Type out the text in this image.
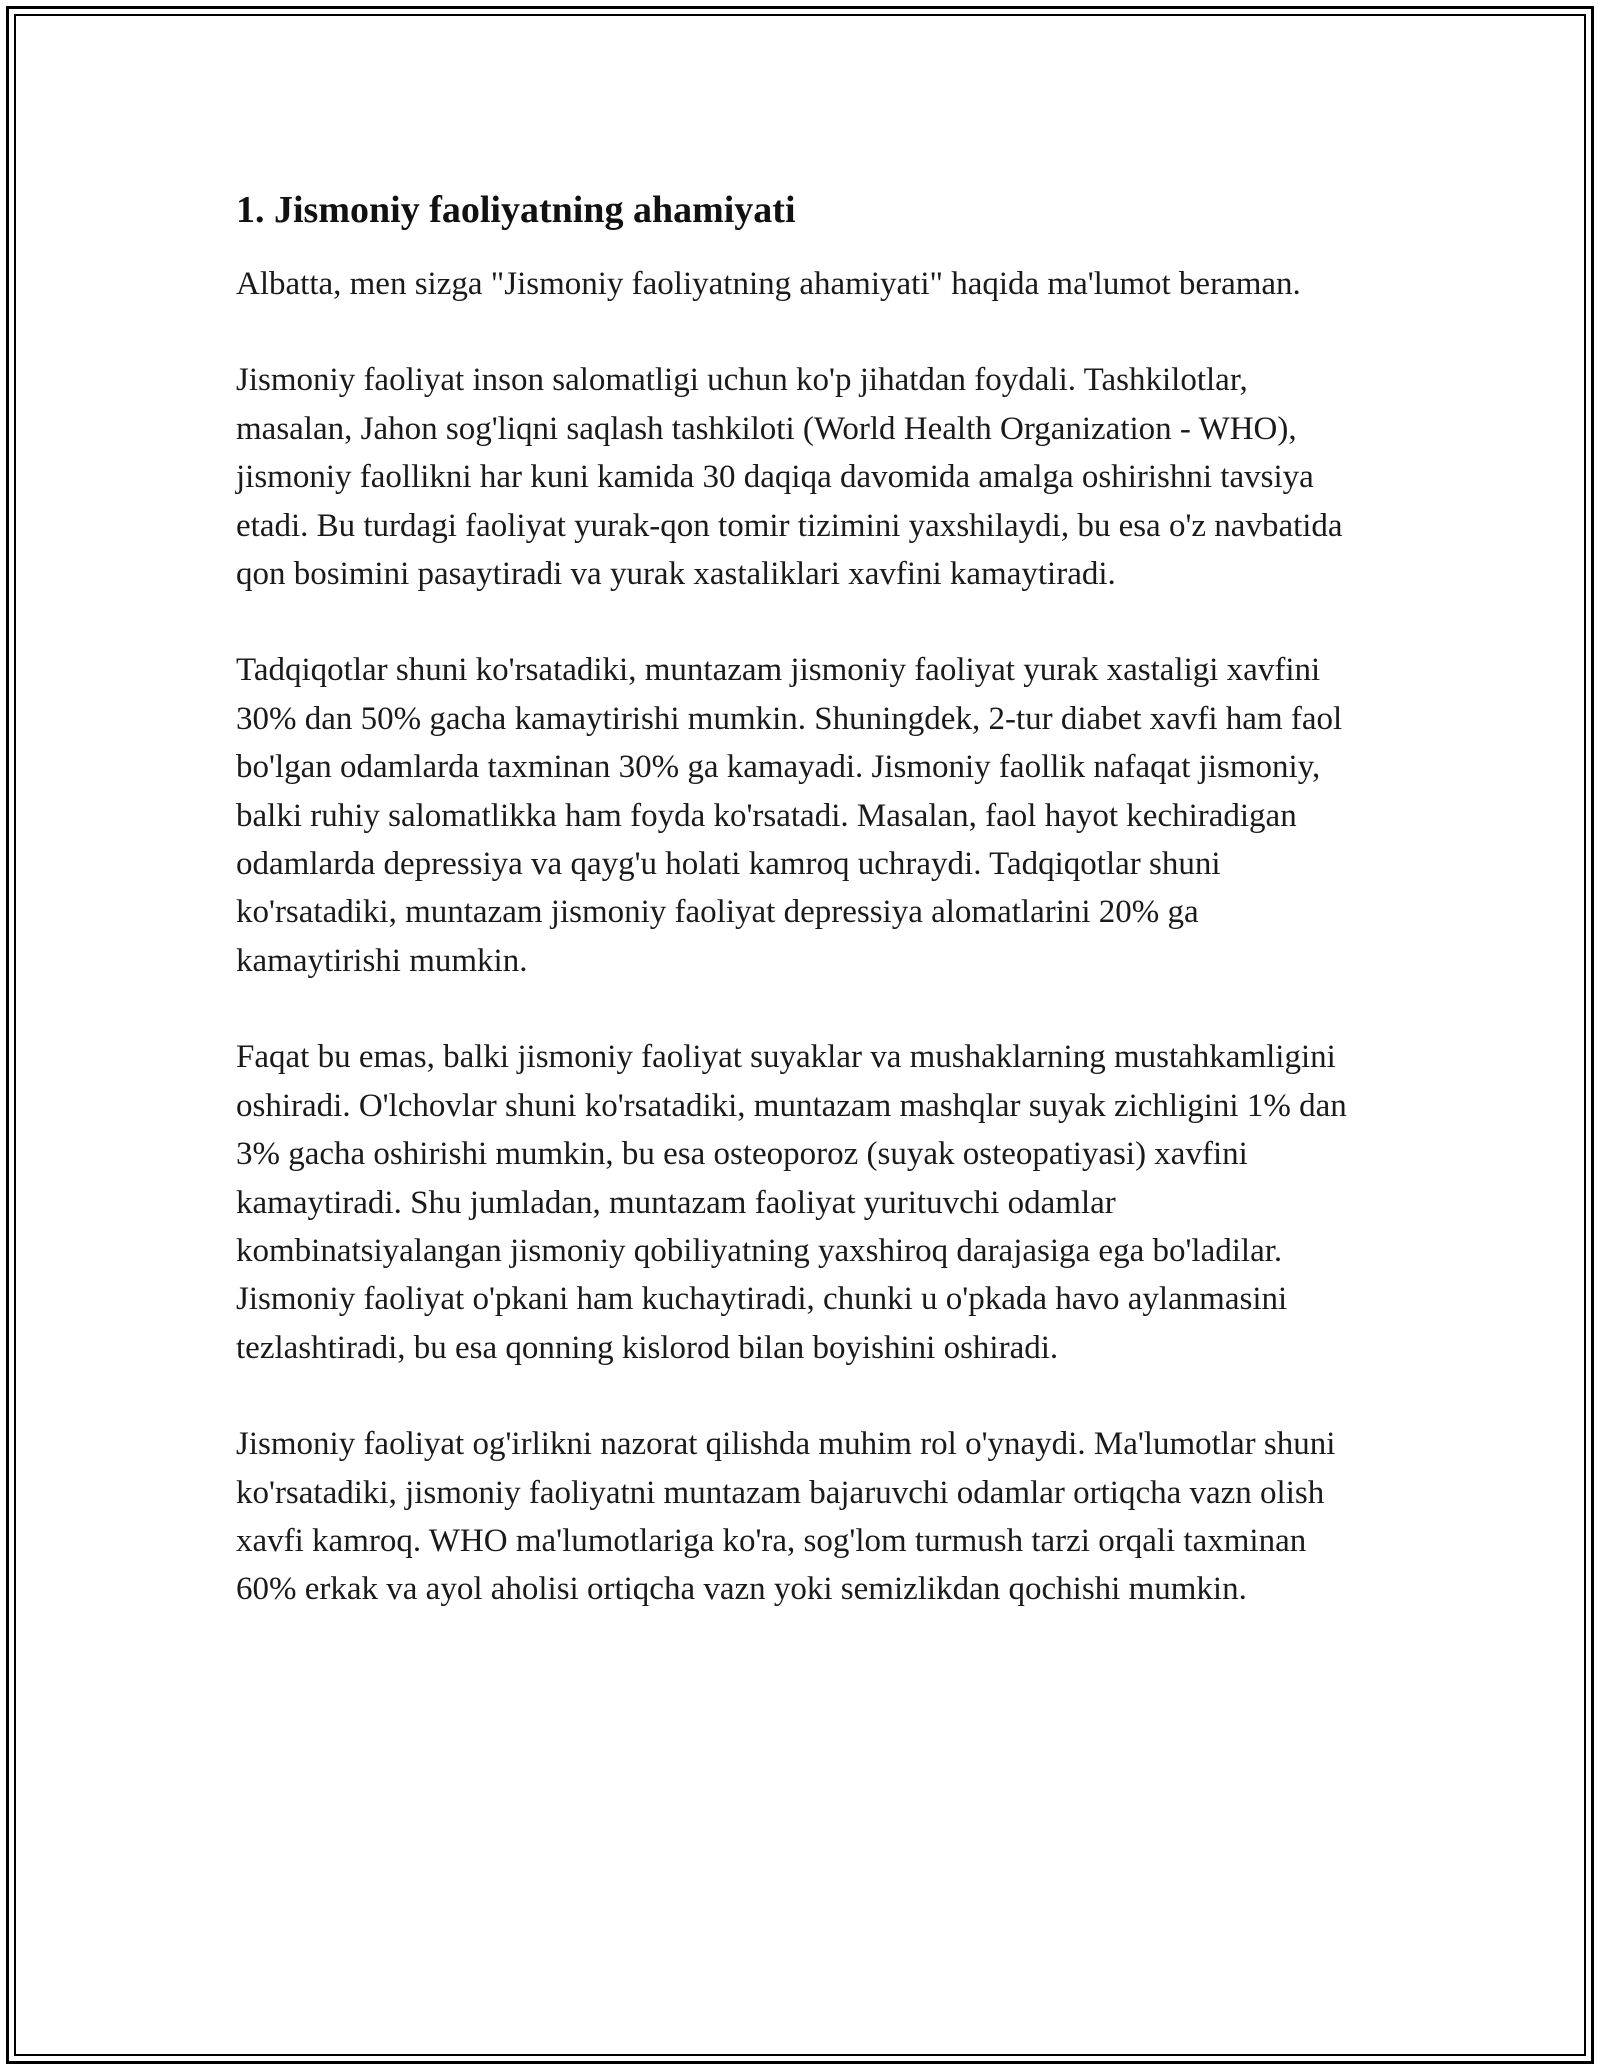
1. Jismoniy faoliyatning ahamiyati

Albatta, men sizga "Jismoniy faoliyatning ahamiyati" haqida ma'lumot beraman.

Jismoniy faoliyat inson salomatligi uchun ko'p jihatdan foydali. Tashkilotlar, masalan, Jahon sog'liqni saqlash tashkiloti (World Health Organization - WHO), jismoniy faollikni har kuni kamida 30 daqiqa davomida amalga oshirishni tavsiya etadi. Bu turdagi faoliyat yurak-qon tomir tizimini yaxshilaydi, bu esa o'z navbatida qon bosimini pasaytiradi va yurak xastaliklari xavfini kamaytiradi.

Tadqiqotlar shuni ko'rsatadiki, muntazam jismoniy faoliyat yurak xastaligi xavfini 30% dan 50% gacha kamaytirishi mumkin. Shuningdek, 2-tur diabet xavfi ham faol bo'lgan odamlarda taxminan 30% ga kamayadi. Jismoniy faollik nafaqat jismoniy, balki ruhiy salomatlikka ham foyda ko'rsatadi. Masalan, faol hayot kechiradigan odamlarda depressiya va qayg'u holati kamroq uchraydi. Tadqiqotlar shuni ko'rsatadiki, muntazam jismoniy faoliyat depressiya alomatlarini 20% ga kamaytirishi mumkin.

Faqat bu emas, balki jismoniy faoliyat suyaklar va mushaklarning mustahkamligini oshiradi. O'lchovlar shuni ko'rsatadiki, muntazam mashqlar suyak zichligini 1% dan 3% gacha oshirishi mumkin, bu esa osteoporoz (suyak osteopatiyasi) xavfini kamaytiradi. Shu jumladan, muntazam faoliyat yurituvchi odamlar kombinatsiyalangan jismoniy qobiliyatning yaxshiroq darajasiga ega bo'ladilar. Jismoniy faoliyat o'pkani ham kuchaytiradi, chunki u o'pkada havo aylanmasini tezlashtiradi, bu esa qonning kislorod bilan boyishini oshiradi.

Jismoniy faoliyat og'irlikni nazorat qilishda muhim rol o'ynaydi. Ma'lumotlar shuni ko'rsatadiki, jismoniy faoliyatni muntazam bajaruvchi odamlar ortiqcha vazn olish xavfi kamroq. WHO ma'lumotlariga ko'ra, sog'lom turmush tarzi orqali taxminan 60% erkak va ayol aholisi ortiqcha vazn yoki semizlikdan qochishi mumkin.
